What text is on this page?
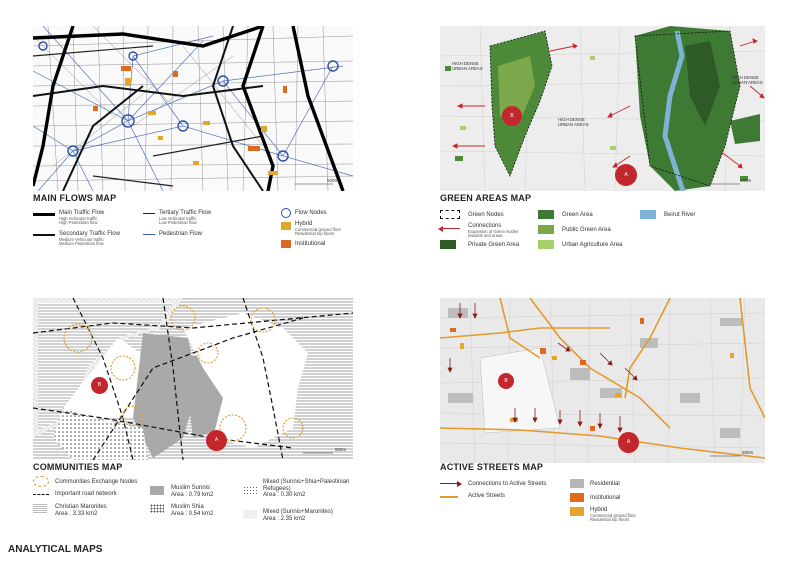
500m
MAIN FLOWS MAP
Main Traffic Flow
High Vehicular traffic
High Pedestrian flow
Secondary Traffic Flow
Medium Vehicular traffic
Medium Pedestrian flow
Tertiary Traffic Flow
Low Vehicular traffic
Low Pedestrian flow
Pedestrian Flow
Flow Nodes
Hybrid
Commercial ground floor
Residential top floors
Institutional
HIGH DENSE URBAN AREAS
HIGH DENSE URBAN AREAS
HIGH DENSE URBAN AREAS
B
A
500m
GREEN AREAS MAP
Green Nodes
Connections
Expansion of Green Nodes
towards arid areas
Private Green Area
Green Area
Public Green Area
Urban Agriculture Area
Beirut River
B
A
500m
COMMUNITIES MAP
Communities Exchange Nodes
Important road network
Christian Maronites
Area : 3.33 km2
Muslim Sunnis
Area : 0.79 km2
Muslim Shia
Area : 0.54 km2
Mixed (Sunnis+Shia+Palestinian Refugees)
Area : 0.30 km2
Mixed (Sunnis+Maronites)
Area : 2.35 km2
B
A
500m
ACTIVE STREETS MAP
Connections to Active Streets
Active Streets
Residential
Institutional
Hybrid
Commercial ground floor
Residential top floors
ANALYTICAL MAPS
